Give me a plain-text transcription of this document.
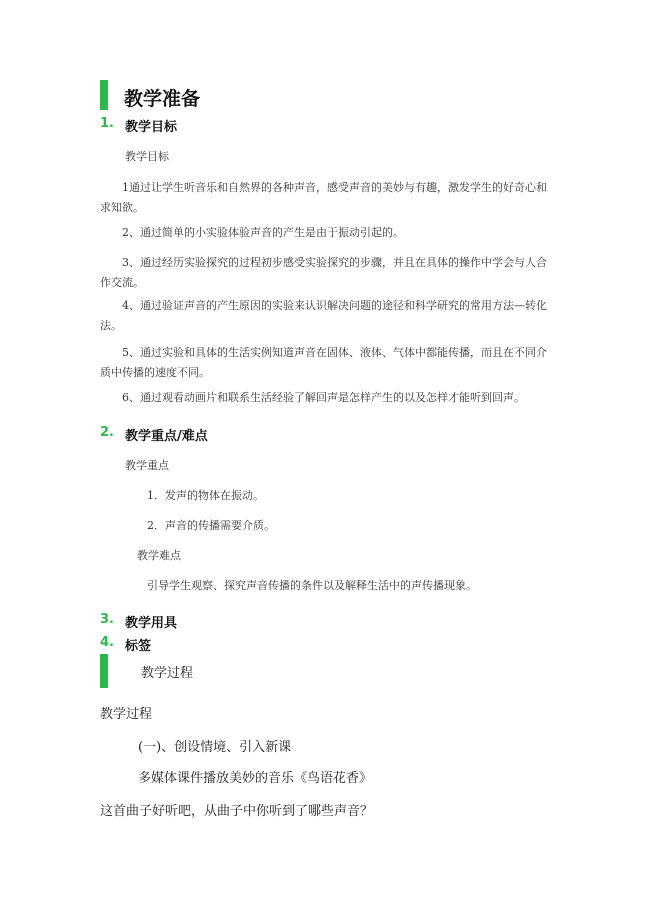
教学准备
1. 教学目标
教学目标
1通过让学生听音乐和自然界的各种声音，感受声音的美妙与有趣，激发学生的好奇心和求知欲。
2、通过简单的小实验体验声音的产生是由于振动引起的。
3、通过经历实验探究的过程初步感受实验探究的步骤，并且在具体的操作中学会与人合作交流。
4、通过验证声音的产生原因的实验来认识解决问题的途径和科学研究的常用方法—转化法。
5、通过实验和具体的生活实例知道声音在固体、液体、气体中都能传播，而且在不同介质中传播的速度不同。
6、通过观看动画片和联系生活经验了解回声是怎样产生的以及怎样才能听到回声。
2. 教学重点/难点
教学重点
1．发声的物体在振动。
2．声音的传播需要介质。
教学难点
引导学生观察、探究声音传播的条件以及解释生活中的声传播现象。
3. 教学用具
4. 标签
教学过程
教学过程
(一)、创设情境、引入新课
多媒体课件播放美妙的音乐《鸟语花香》
这首曲子好听吧，从曲子中你听到了哪些声音？
